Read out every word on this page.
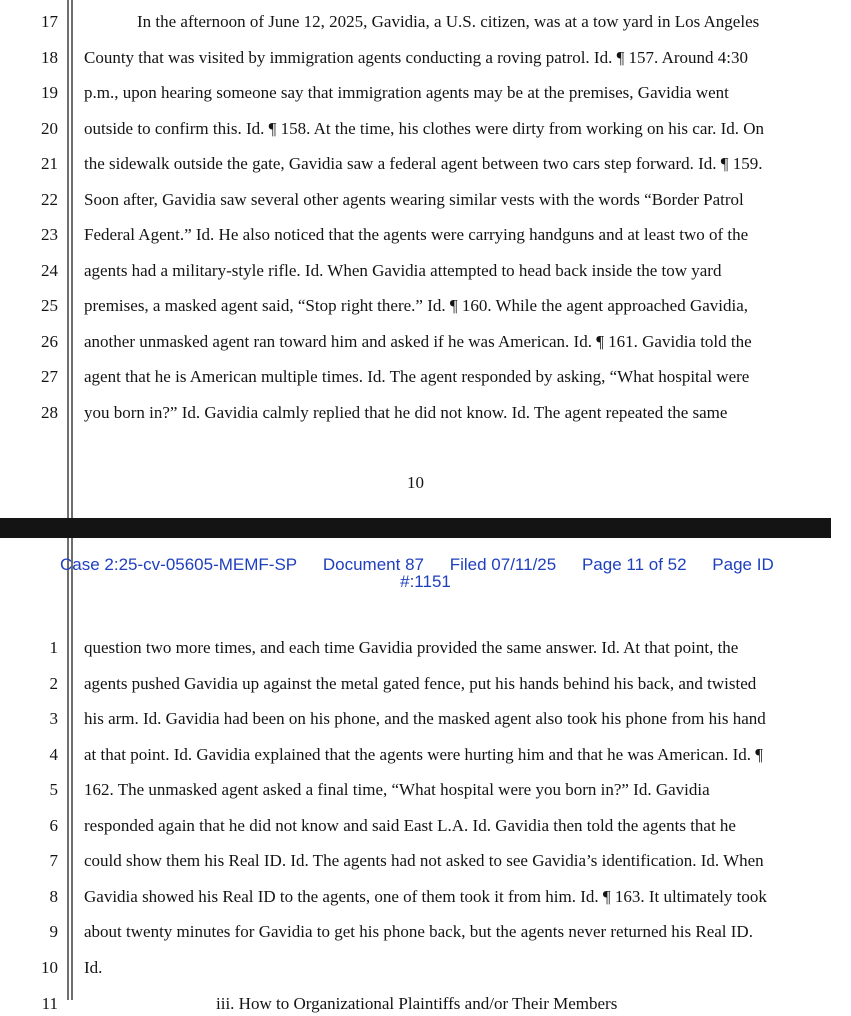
17	In the afternoon of June 12, 2025, Gavidia, a U.S. citizen, was at a tow yard in Los Angeles
18 County that was visited by immigration agents conducting a roving patrol. Id. ¶ 157. Around 4:30
19 p.m., upon hearing someone say that immigration agents may be at the premises, Gavidia went
20 outside to confirm this. Id. ¶ 158. At the time, his clothes were dirty from working on his car. Id. On
21 the sidewalk outside the gate, Gavidia saw a federal agent between two cars step forward. Id. ¶ 159.
22 Soon after, Gavidia saw several other agents wearing similar vests with the words “Border Patrol
23 Federal Agent.” Id. He also noticed that the agents were carrying handguns and at least two of the
24 agents had a military-style rifle. Id. When Gavidia attempted to head back inside the tow yard
25 premises, a masked agent said, “Stop right there.” Id. ¶ 160. While the agent approached Gavidia,
26 another unmasked agent ran toward him and asked if he was American. Id. ¶ 161. Gavidia told the
27 agent that he is American multiple times. Id. The agent responded by asking, “What hospital were
28 you born in?” Id. Gavidia calmly replied that he did not know. Id. The agent repeated the same
10
Case 2:25-cv-05605-MEMF-SP Document 87 Filed 07/11/25 Page 11 of 52 Page ID
#:1151
1 question two more times, and each time Gavidia provided the same answer. Id. At that point, the
2 agents pushed Gavidia up against the metal gated fence, put his hands behind his back, and twisted
3 his arm. Id. Gavidia had been on his phone, and the masked agent also took his phone from his hand
4 at that point. Id. Gavidia explained that the agents were hurting him and that he was American. Id. ¶
5 162. The unmasked agent asked a final time, “What hospital were you born in?” Id. Gavidia
6 responded again that he did not know and said East L.A. Id. Gavidia then told the agents that he
7 could show them his Real ID. Id. The agents had not asked to see Gavidia’s identification. Id. When
8 Gavidia showed his Real ID to the agents, one of them took it from him. Id. ¶ 163. It ultimately took
9 about twenty minutes for Gavidia to get his phone back, but the agents never returned his Real ID.
10 Id.
11	iii. How to Organizational Plaintiffs and/or Their Members
